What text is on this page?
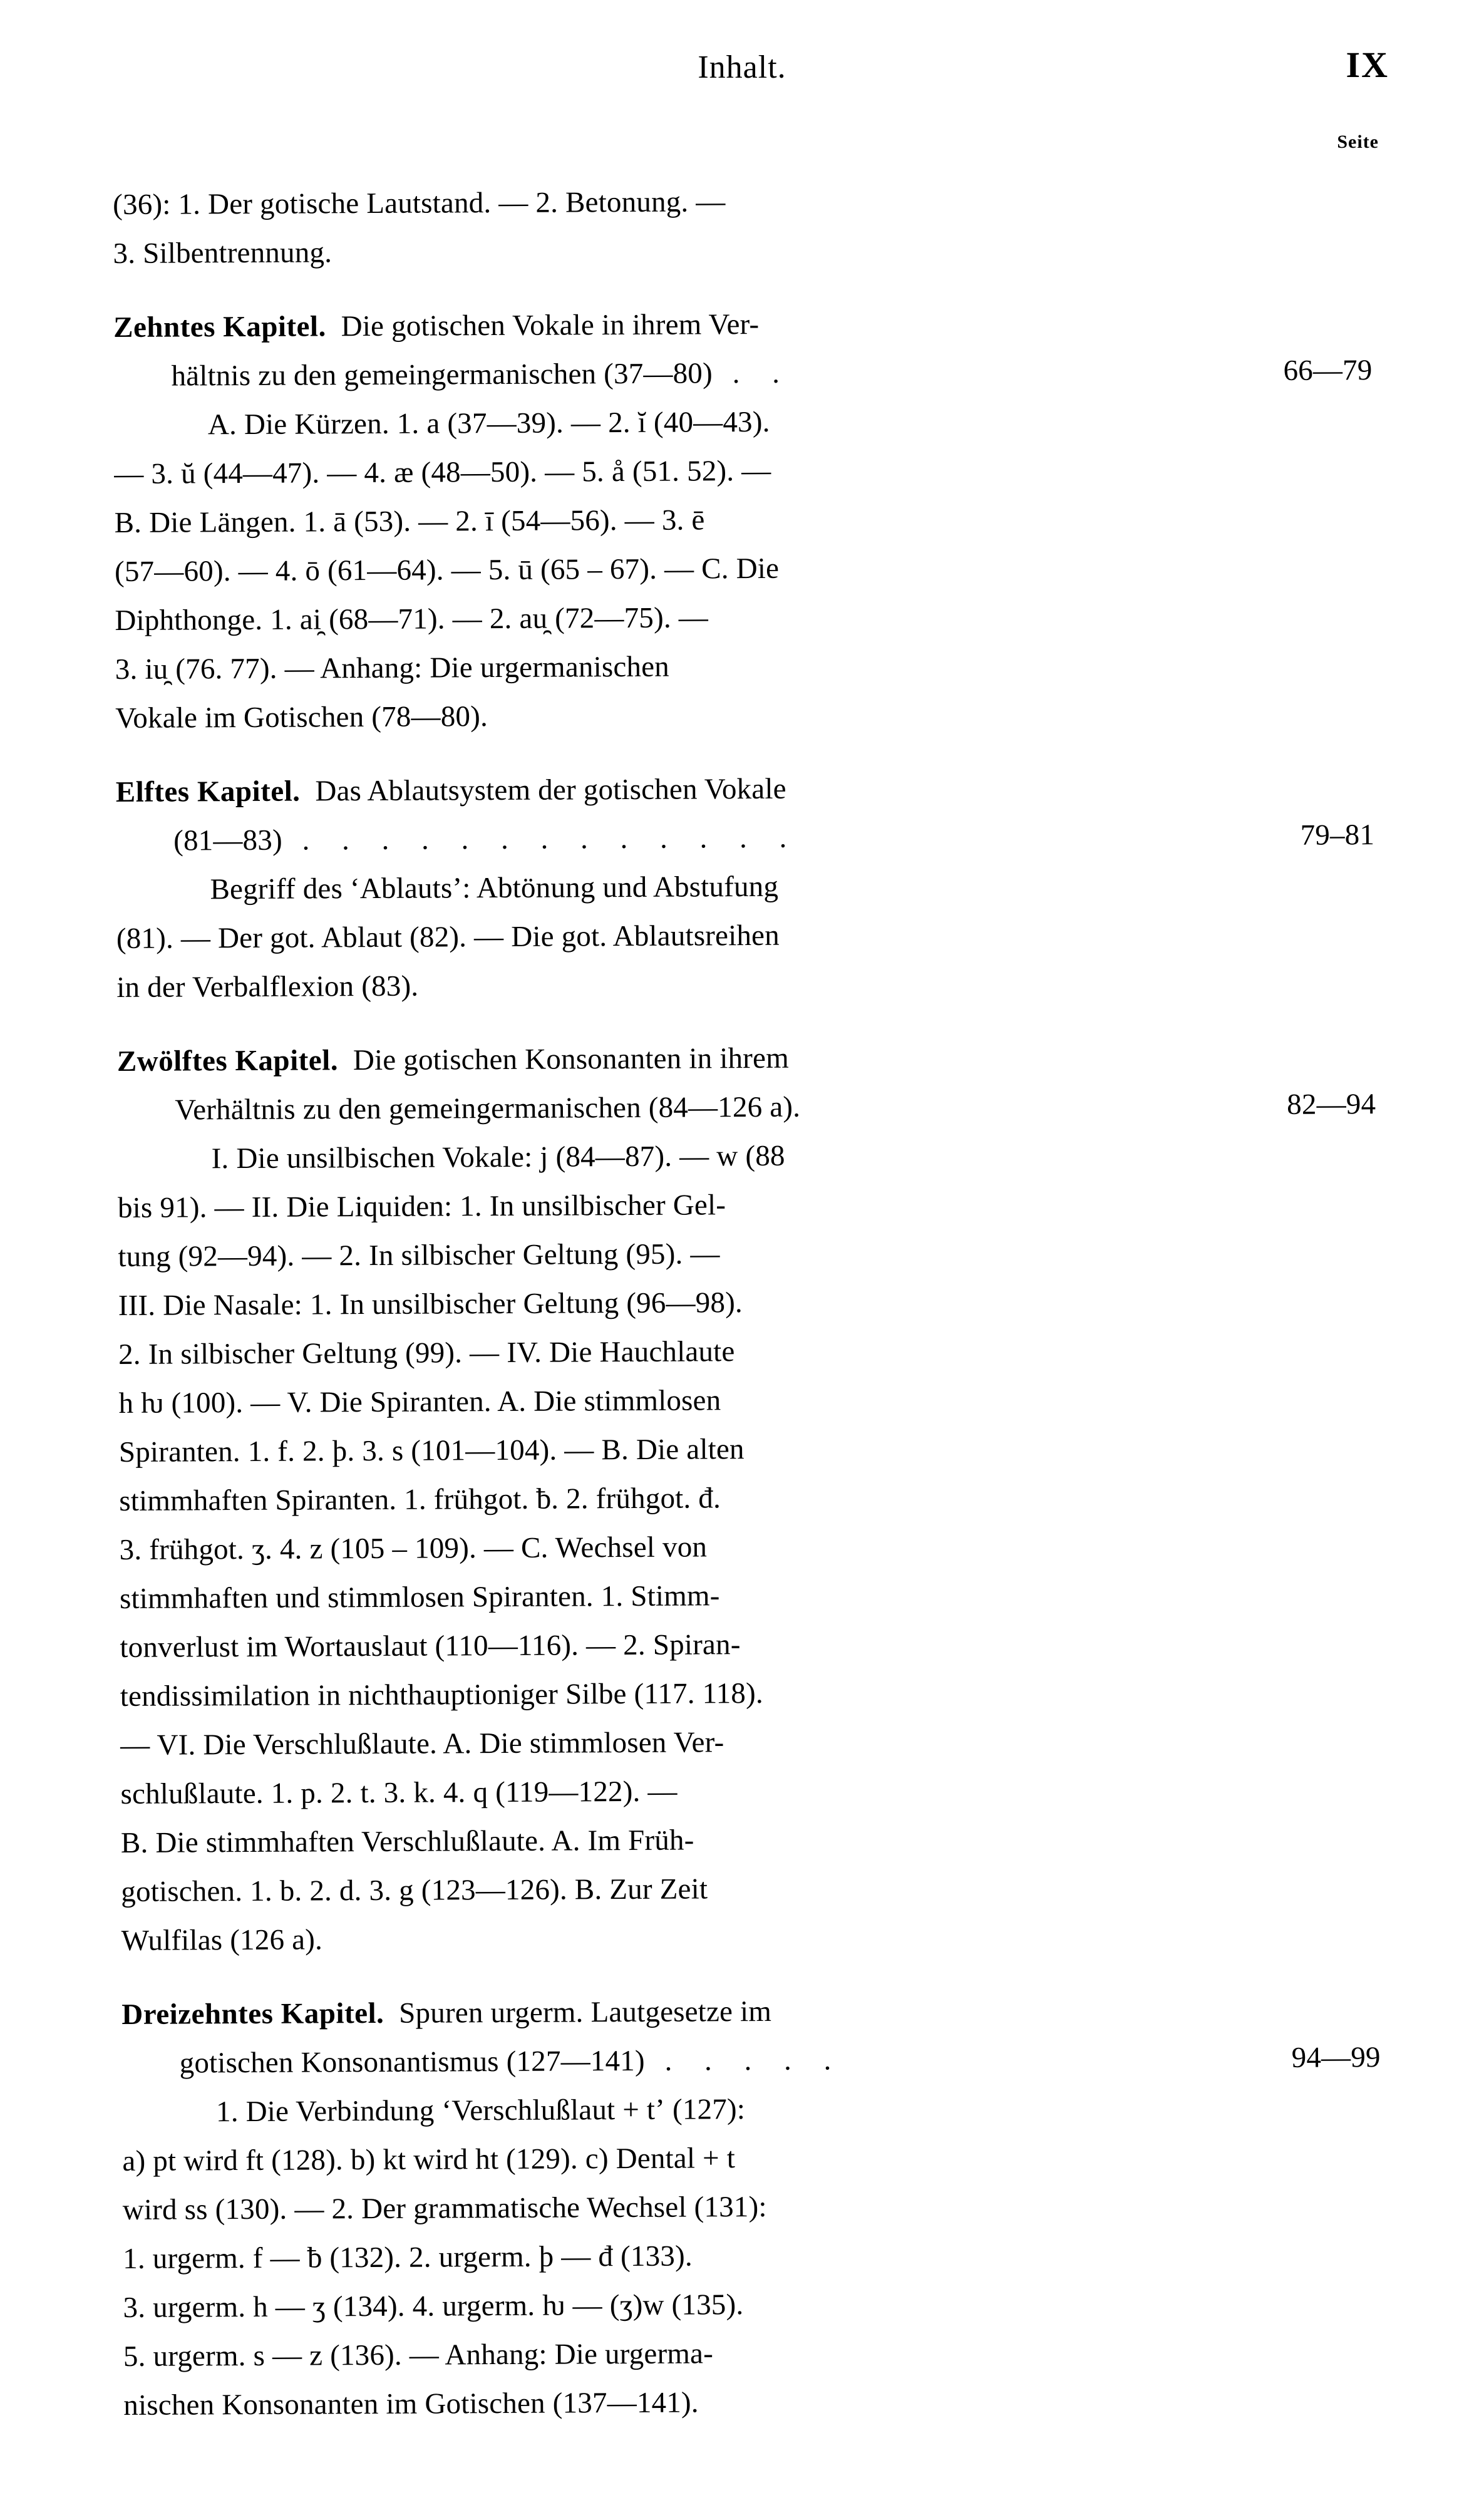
Inhalt.	IX
Seite
(36): 1. Der gotische Lautstand. — 2. Betonung. —
3. Silbentrennung.
Zehntes Kapitel. Die gotischen Vokale in ihrem Ver-
hältnis zu den gemeingermanischen (37—80) . .	66—79
A. Die Kürzen. 1. a (37—39). — 2. ĭ (40—43).
— 3. ŭ (44—47). — 4. æ (48—50). — 5. å (51. 52). —
B. Die Längen. 1. ā (53). — 2. ī (54—56). — 3. ē
(57—60). — 4. ō (61—64). — 5. ū (65 – 67). — C. Die
Diphthonge. 1. ai̯ (68—71). — 2. au̯ (72—75). —
3. iu̯ (76. 77). — Anhang: Die urgermanischen
Vokale im Gotischen (78—80).
Elftes Kapitel. Das Ablautsystem der gotischen Vokale
(81—83) . . . . . . . . . . . . .	79–81
Begriff des ʻAblautsʼ: Abtönung und Abstufung
(81). — Der got. Ablaut (82). — Die got. Ablautsreihen
in der Verbalflexion (83).
Zwölftes Kapitel. Die gotischen Konsonanten in ihrem
Verhältnis zu den gemeingermanischen (84—126 a).	82—94
I. Die unsilbischen Vokale: j (84—87). — w (88
bis 91). — II. Die Liquiden: 1. In unsilbischer Gel-
tung (92—94). — 2. In silbischer Geltung (95). —
III. Die Nasale: 1. In unsilbischer Geltung (96—98).
2. In silbischer Geltung (99). — IV. Die Hauchlaute
h ƕ (100). — V. Die Spiranten. A. Die stimmlosen
Spiranten. 1. f. 2. þ. 3. s (101—104). — B. Die alten
stimmhaften Spiranten. 1. frühgot. ƀ. 2. frühgot. đ.
3. frühgot. ʒ. 4. z (105 – 109). — C. Wechsel von
stimmhaften und stimmlosen Spiranten. 1. Stimm-
tonverlust im Wortauslaut (110—116). — 2. Spiran-
tendissimilation in nichthauptioniger Silbe (117. 118).
— VI. Die Verschlußlaute. A. Die stimmlosen Ver-
schlußlaute. 1. p. 2. t. 3. k. 4. q (119—122). —
B. Die stimmhaften Verschlußlaute. A. Im Früh-
gotischen. 1. b. 2. d. 3. g (123—126). B. Zur Zeit
Wulfilas (126 a).
Dreizehntes Kapitel. Spuren urgerm. Lautgesetze im
gotischen Konsonantismus (127—141) . . . . .	94—99
1. Die Verbindung ʻVerschlußlaut + tʼ (127):
a) pt wird ft (128). b) kt wird ht (129). c) Dental + t
wird ss (130). — 2. Der grammatische Wechsel (131):
1. urgerm. f — ƀ (132). 2. urgerm. þ — đ (133).
3. urgerm. h — ʒ (134). 4. urgerm. ƕ — (ʒ)w (135).
5. urgerm. s — z (136). — Anhang: Die urgerma-
nischen Konsonanten im Gotischen (137—141).
